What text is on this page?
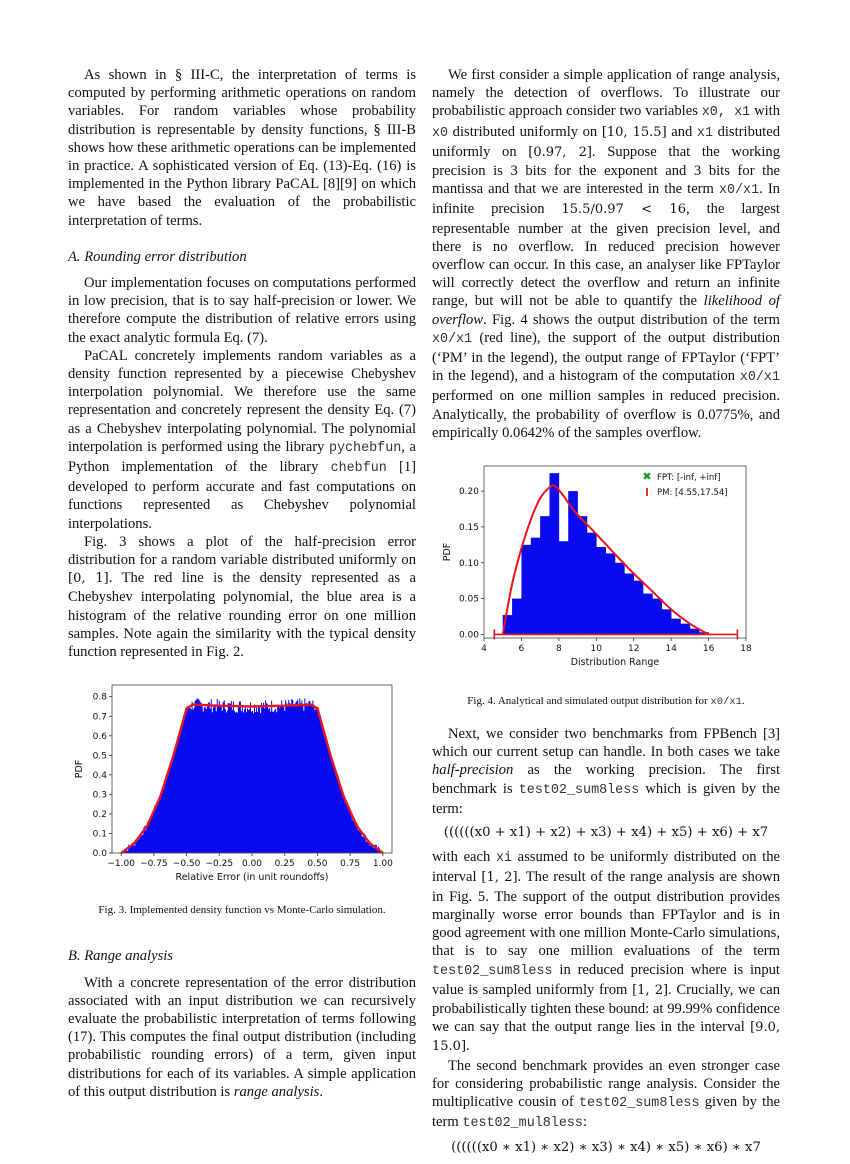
As shown in § III-C, the interpretation of terms is computed by performing arithmetic operations on random variables. For random variables whose probability distribution is representable by density functions, § III-B shows how these arithmetic operations can be implemented in practice. A sophisticated version of Eq. (13)-Eq. (16) is implemented in the Python library PaCAL [8][9] on which we have based the evaluation of the probabilistic interpretation of terms.

A. Rounding error distribution

Our implementation focuses on computations performed in low precision, that is to say half-precision or lower. We therefore compute the distribution of relative errors using the exact analytic formula Eq. (7).

PaCAL concretely implements random variables as a density function represented by a piecewise Chebyshev interpolation polynomial. We therefore use the same representation and concretely represent the density Eq. (7) as a Chebyshev interpolating polynomial. The polynomial interpolation is performed using the library pychebfun, a Python implementation of the library chebfun [1] developed to perform accurate and fast computations on functions represented as Chebyshev polynomial interpolations.

Fig. 3 shows a plot of the half-precision error distribution for a random variable distributed uniformly on [0, 1]. The red line is the density represented as a Chebyshev interpolating polynomial, the blue area is a histogram of the relative rounding error on one million samples. Note again the similarity with the typical density function represented in Fig. 2.

−1.00 −0.75 −0.50 −0.25 0.00 0.25 0.50 0.75 1.00
0.0
0.1
0.2
0.3
0.4
0.5
0.6
0.7
0.8
Relative Error (in unit roundoffs)
PDF

Fig. 3. Implemented density function vs Monte-Carlo simulation.

B. Range analysis

With a concrete representation of the error distribution associated with an input distribution we can recursively evaluate the probabilistic interpretation of terms following (17). This computes the final output distribution (including probabilistic rounding errors) of a term, given input distributions for each of its variables. A simple application of this output distribution is range analysis.

We first consider a simple application of range analysis, namely the detection of overflows. To illustrate our probabilistic approach consider two variables x0, x1 with x0 distributed uniformly on [10, 15.5] and x1 distributed uniformly on [0.97, 2]. Suppose that the working precision is 3 bits for the exponent and 3 bits for the mantissa and that we are interested in the term x0/x1. In infinite precision 15.5/0.97 < 16, the largest representable number at the given precision level, and there is no overflow. In reduced precision however overflow can occur. In this case, an analyser like FPTaylor will correctly detect the overflow and return an infinite range, but will not be able to quantify the likelihood of overflow. Fig. 4 shows the output distribution of the term x0/x1 (red line), the support of the output distribution (‘PM’ in the legend), the output range of FPTaylor (‘FPT’ in the legend), and a histogram of the computation x0/x1 performed on one million samples in reduced precision. Analytically, the probability of overflow is 0.0775%, and empirically 0.0642% of the samples overflow.

4	6	8	10	12	14	16	18
0.00
0.05
0.10
0.15
0.20
Distribution Range
PDF
✖ FPT: [-inf, +inf]
PM: [4.55,17.54]

Fig. 4. Analytical and simulated output distribution for x0/x1.

Next, we consider two benchmarks from FPBench [3] which our current setup can handle. In both cases we take half-precision as the working precision. The first benchmark is test02_sum8less which is given by the term:

((((((x0 + x1) + x2) + x3) + x4) + x5) + x6) + x7

with each xi assumed to be uniformly distributed on the interval [1, 2]. The result of the range analysis are shown in Fig. 5. The support of the output distribution provides marginally worse error bounds than FPTaylor and is in good agreement with one million Monte-Carlo simulations, that is to say one million evaluations of the term test02_sum8less in reduced precision where is input value is sampled uniformly from [1, 2]. Crucially, we can probabilistically tighten these bound: at 99.99% confidence we can say that the output range lies in the interval [9.0, 15.0].

The second benchmark provides an even stronger case for considering probabilistic range analysis. Consider the multiplicative cousin of test02_sum8less given by the term test02_mul8less:

((((((x0 ∗ x1) ∗ x2) ∗ x3) ∗ x4) ∗ x5) ∗ x6) ∗ x7
